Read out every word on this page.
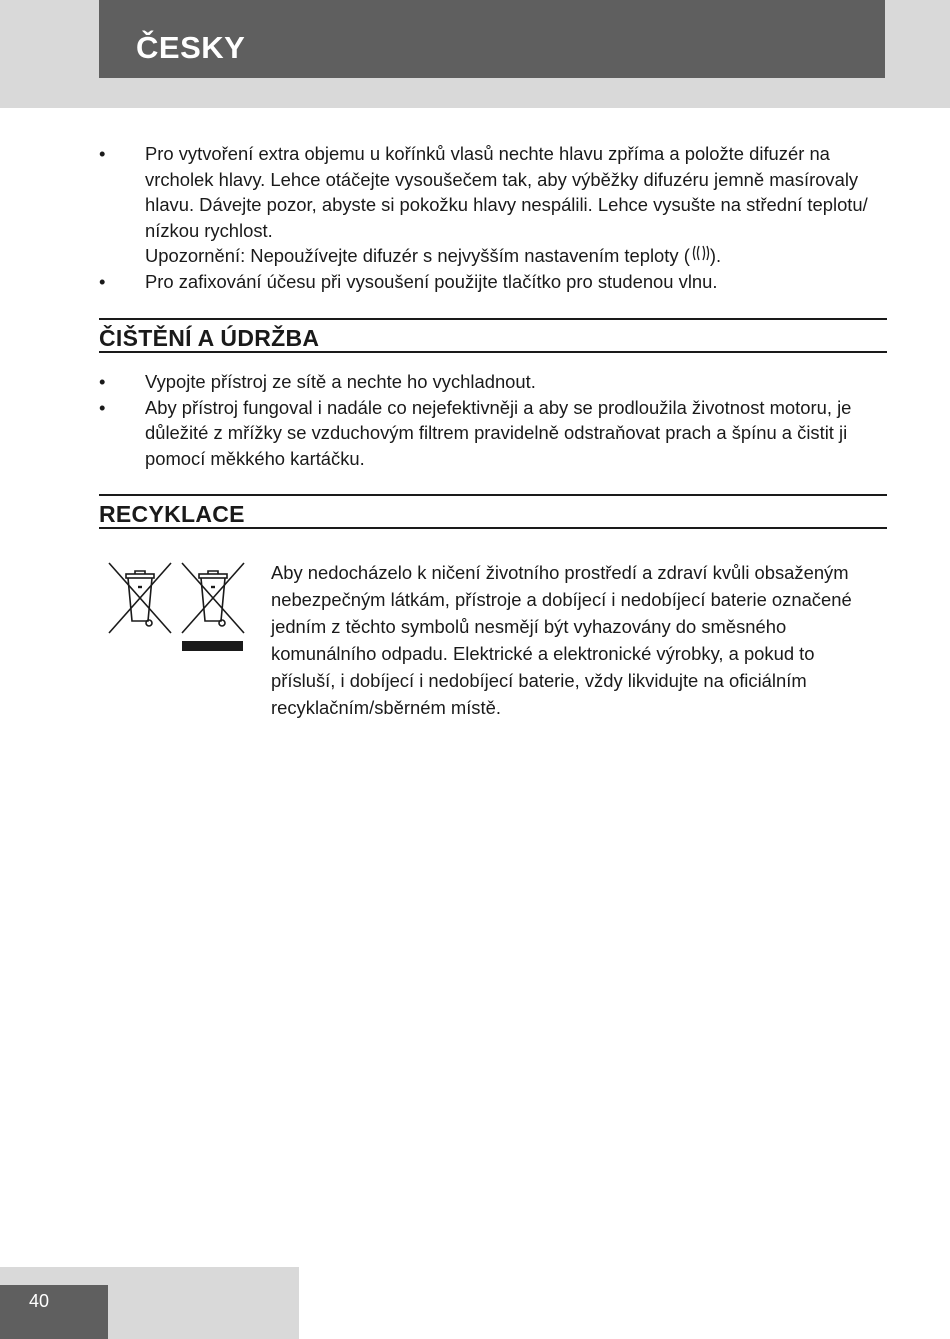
ČESKY
• Pro vytvoření extra objemu u kořínků vlasů nechte hlavu zpříma a položte difuzér na vrcholek hlavy. Lehce otáčejte vysoušečem tak, aby výběžky difuzéru jemně masírovaly hlavu. Dávejte pozor, abyste si pokožku hlavy nespálili. Lehce vysušte na střední teplotu/ nízkou rychlost.
Upozornění: Nepoužívejte difuzér s nejvyšším nastavením teploty ( ).
• Pro zafixování účesu při vysoušení použijte tlačítko pro studenou vlnu.
ČIŠTĚNÍ A ÚDRŽBA
• Vypojte přístroj ze sítě a nechte ho vychladnout.
• Aby přístroj fungoval i nadále co nejefektivněji a aby se prodloužila životnost motoru, je důležité z mřížky se vzduchovým filtrem pravidelně odstraňovat prach a špínu a čistit ji pomocí měkkého kartáčku.
RECYKLACE

Aby nedocházelo k ničení životního prostředí a zdraví kvůli obsaženým nebezpečným látkám, přístroje a dobíjecí i nedobíjecí baterie označené jedním z těchto symbolů nesmějí být vyhazovány do směsného komunálního odpadu. Elektrické a elektronické výrobky, a pokud to přísluší, i dobíjecí i nedobíjecí baterie, vždy likvidujte na oficiálním recyklačním/sběrném místě.

40
